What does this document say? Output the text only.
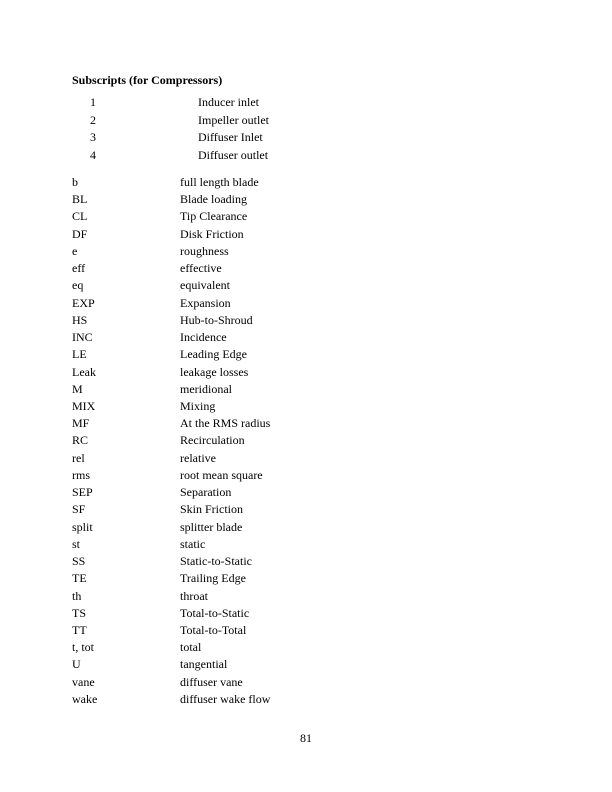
Subscripts (for Compressors)
1	Inducer inlet
2	Impeller outlet
3	Diffuser Inlet
4	Diffuser outlet
b	full length blade
BL	Blade loading
CL	Tip Clearance
DF	Disk Friction
e	roughness
eff	effective
eq	equivalent
EXP	Expansion
HS	Hub-to-Shroud
INC	Incidence
LE	Leading Edge
Leak	leakage losses
M	meridional
MIX	Mixing
MF	At the RMS radius
RC	Recirculation
rel	relative
rms	root mean square
SEP	Separation
SF	Skin Friction
split	splitter blade
st	static
SS	Static-to-Static
TE	Trailing Edge
th	throat
TS	Total-to-Static
TT	Total-to-Total
t, tot	total
U	tangential
vane	diffuser vane
wake	diffuser wake flow
81
